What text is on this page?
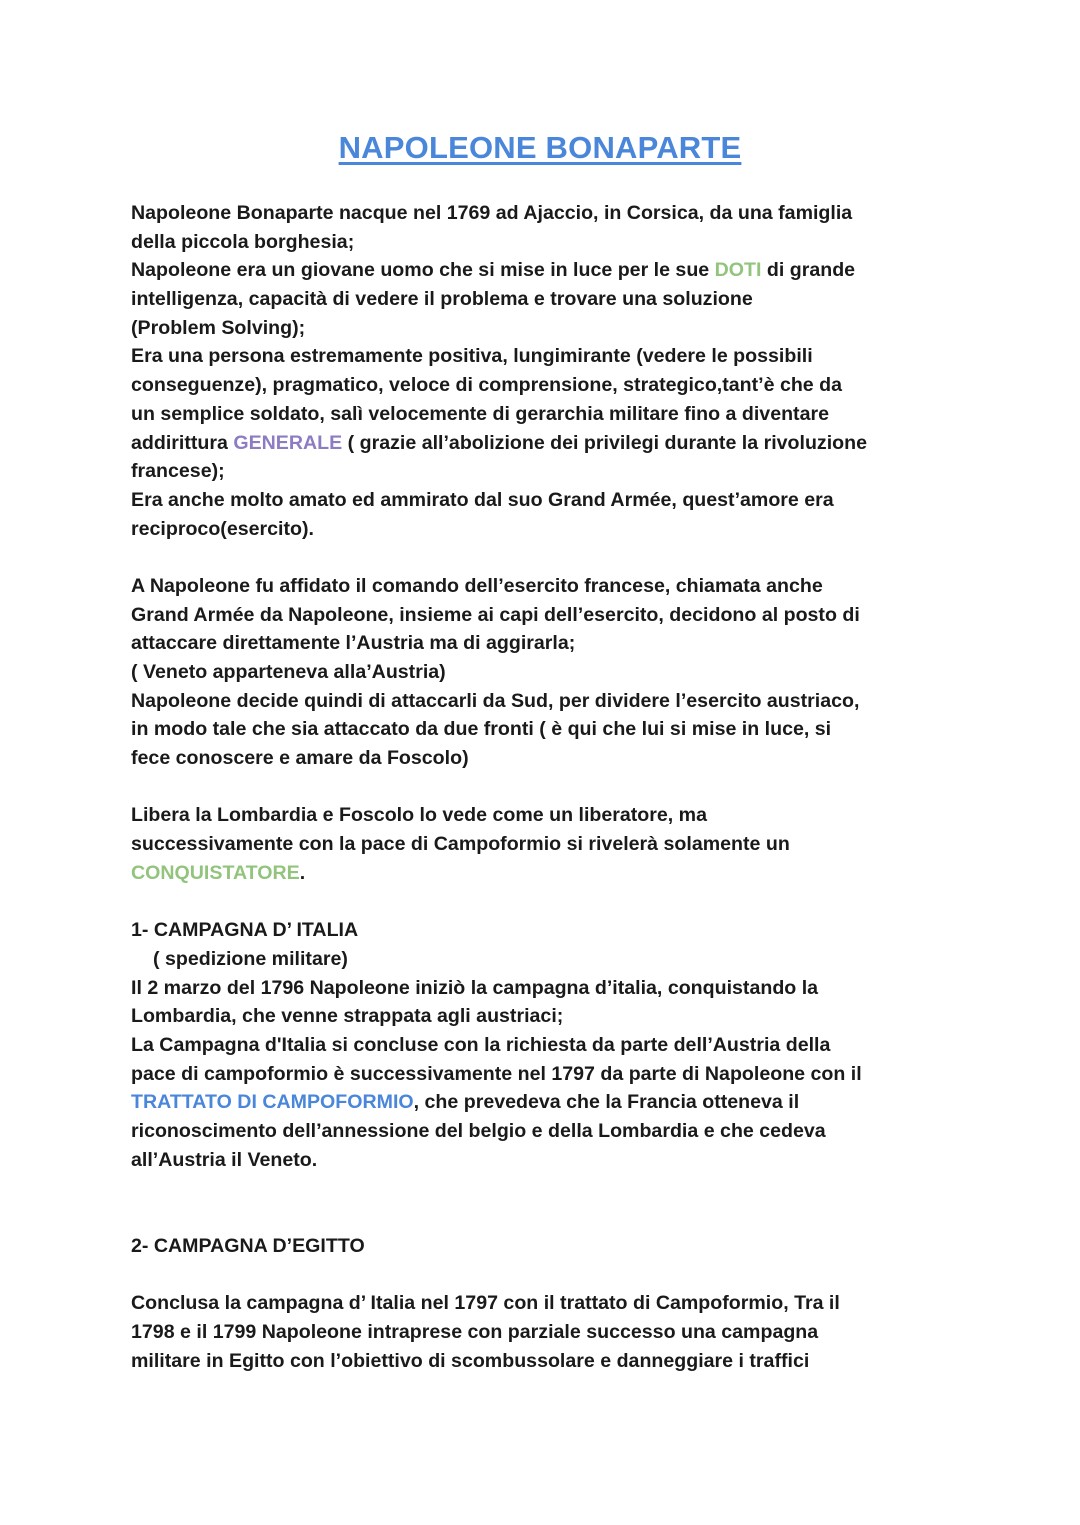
NAPOLEONE BONAPARTE
Napoleone Bonaparte nacque nel 1769 ad Ajaccio, in Corsica, da una famiglia
della piccola borghesia;
Napoleone era un giovane uomo che si mise in luce per le sue DOTI di grande
intelligenza, capacità di vedere il problema e trovare una soluzione
(Problem Solving);
Era una persona estremamente positiva, lungimirante (vedere le possibili
conseguenze), pragmatico, veloce di comprensione, strategico,tant’è che da
un semplice soldato, salì velocemente di gerarchia militare fino a diventare
addirittura GENERALE ( grazie all’abolizione dei privilegi durante la rivoluzione
francese);
Era anche molto amato ed ammirato dal suo Grand Armée, quest’amore era
reciproco(esercito).
A Napoleone fu affidato il comando dell’esercito francese, chiamata anche
Grand Armée da Napoleone, insieme ai capi dell’esercito, decidono al posto di
attaccare direttamente l’Austria ma di aggirarla;
( Veneto apparteneva alla’Austria)
Napoleone decide quindi di attaccarli da Sud, per dividere l’esercito austriaco,
in modo tale che sia attaccato da due fronti ( è qui che lui si mise in luce, si
fece conoscere e amare da Foscolo)
Libera la Lombardia e Foscolo lo vede come un liberatore, ma
successivamente con la pace di Campoformio si rivelerà solamente un
CONQUISTATORE.
1- CAMPAGNA D’ ITALIA
( spedizione militare)
Il 2 marzo del 1796 Napoleone iniziò la campagna d’italia, conquistando la
Lombardia, che venne strappata agli austriaci;
La Campagna d'Italia si concluse con la richiesta da parte dell’Austria della
pace di campoformio è successivamente nel 1797 da parte di Napoleone con il
TRATTATO DI CAMPOFORMIO, che prevedeva che la Francia otteneva il
riconoscimento dell’annessione del belgio e della Lombardia e che cedeva
all’Austria il Veneto.
2- CAMPAGNA D’EGITTO
Conclusa la campagna d’ Italia nel 1797 con il trattato di Campoformio, Tra il
1798 e il 1799 Napoleone intraprese con parziale successo una campagna
militare in Egitto con l’obiettivo di scombussolare e danneggiare i traffici
